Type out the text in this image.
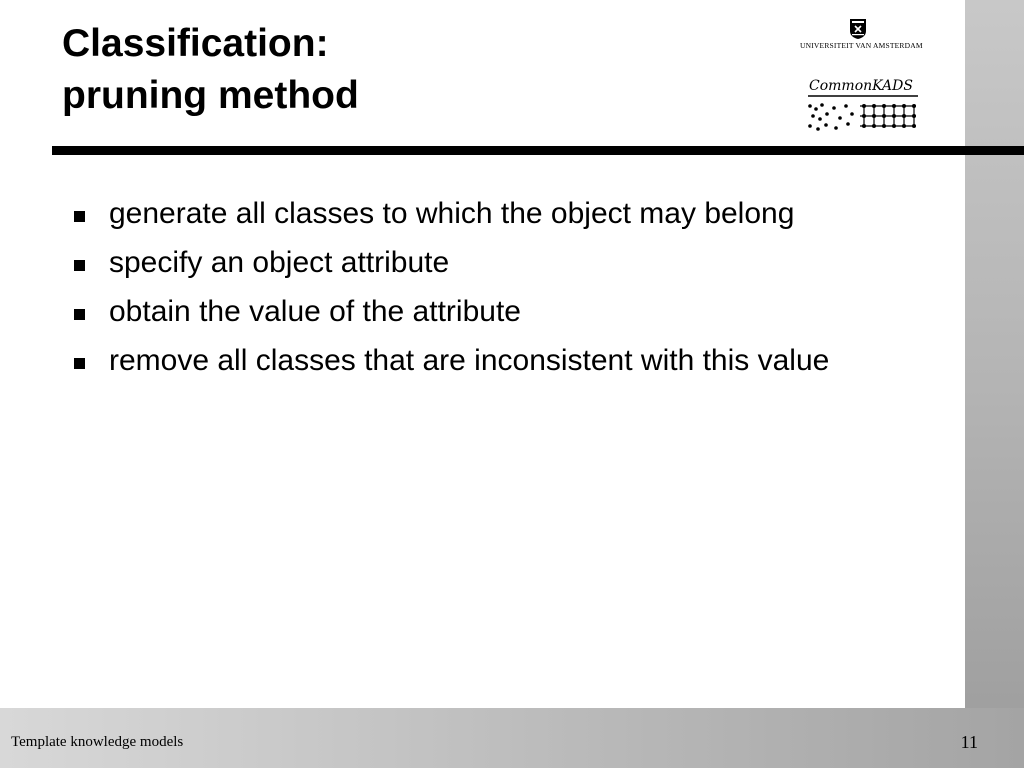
Classification:
pruning method
UNIVERSITEIT VAN AMSTERDAM
CommonKADS
generate all classes to which the object may belong
specify an object attribute
obtain the value of the attribute
remove all classes that are inconsistent with this value
Template knowledge models	11
